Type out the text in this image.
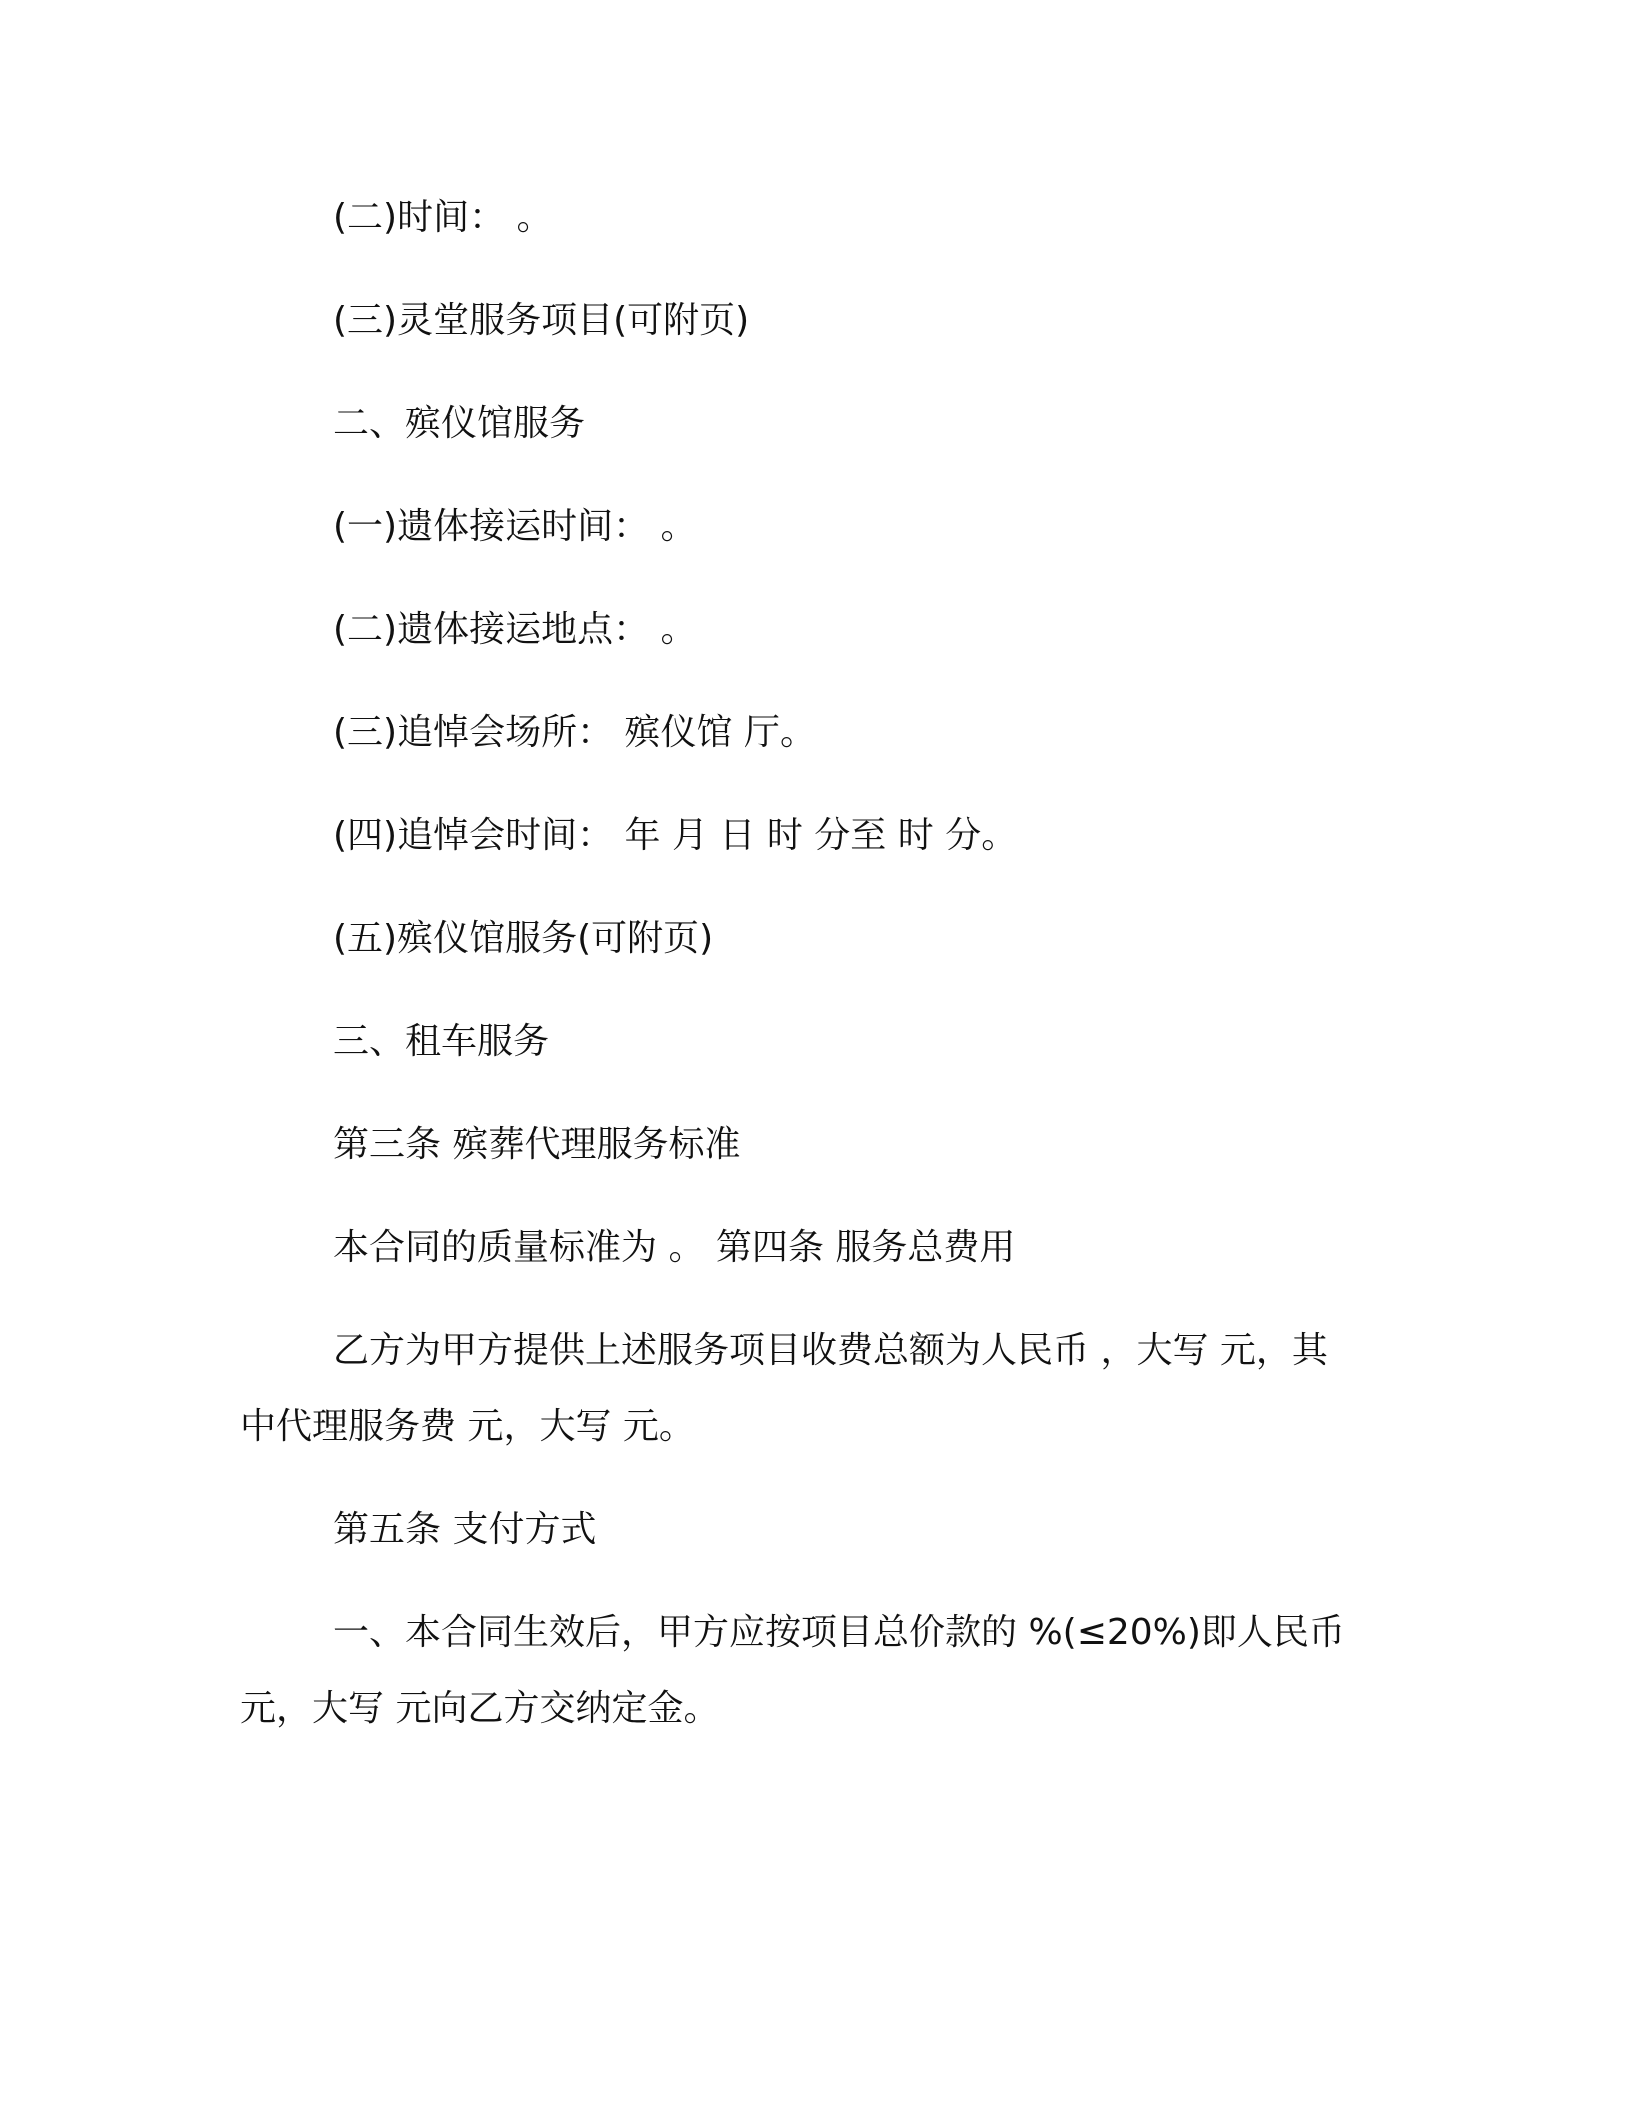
(二)时间： 。

(三)灵堂服务项目(可附页)

二、殡仪馆服务

(一)遗体接运时间： 。

(二)遗体接运地点： 。

(三)追悼会场所： 殡仪馆 厅。

(四)追悼会时间： 年 月 日 时 分至 时 分。

(五)殡仪馆服务(可附页)

三、租车服务

第三条 殡葬代理服务标准

本合同的质量标准为 。 第四条 服务总费用

乙方为甲方提供上述服务项目收费总额为人民币 ，大写 元，其

中代理服务费 元，大写 元。

第五条 支付方式

一、本合同生效后，甲方应按项目总价款的 %(≤20%)即人民币

元，大写 元向乙方交纳定金。
